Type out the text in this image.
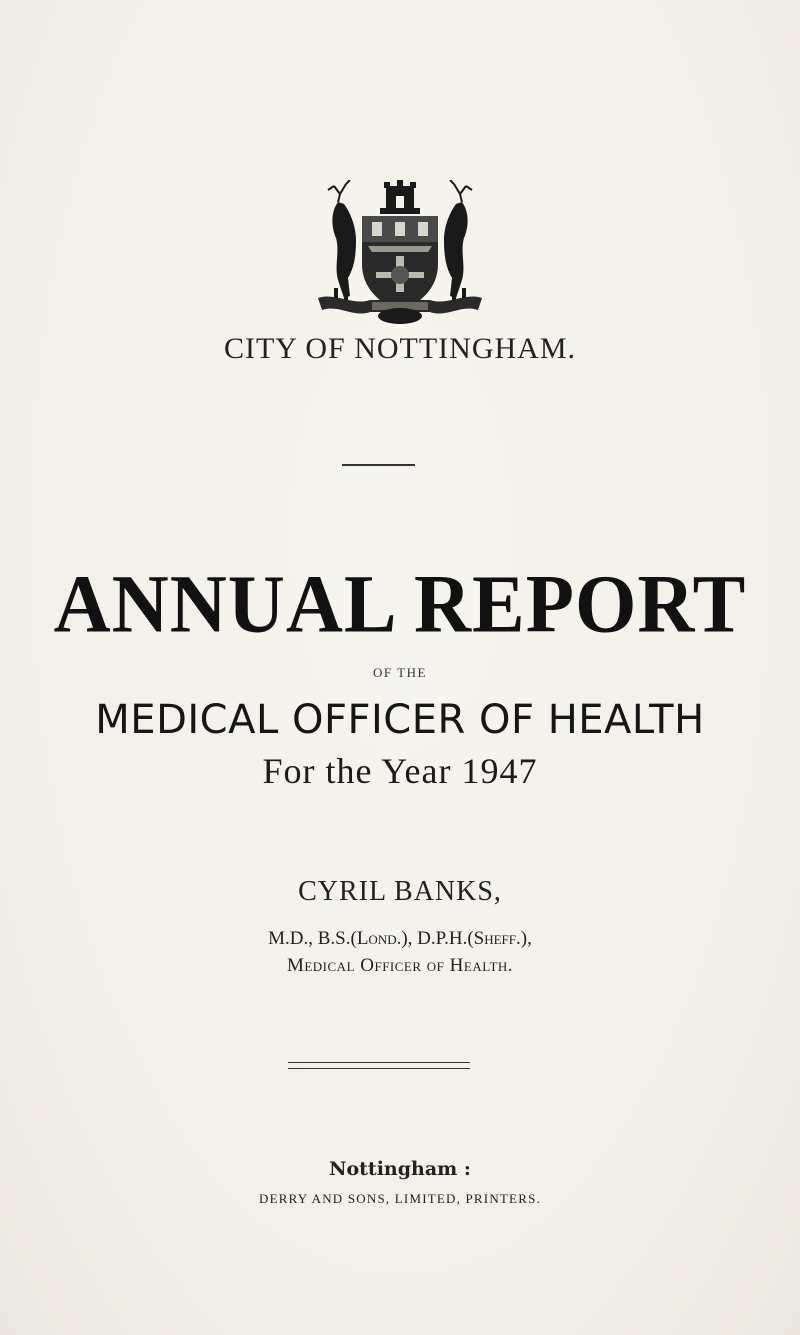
CITY OF NOTTINGHAM.
ANNUAL REPORT
OF THE
MEDICAL OFFICER OF HEALTH
For the Year 1947
CYRIL BANKS,
M.D., B.S.(Lond.), D.P.H.(Sheff.),
Medical Officer of Health.
Nottingham :
DERRY AND SONS, LIMITED, PRINTERS.
